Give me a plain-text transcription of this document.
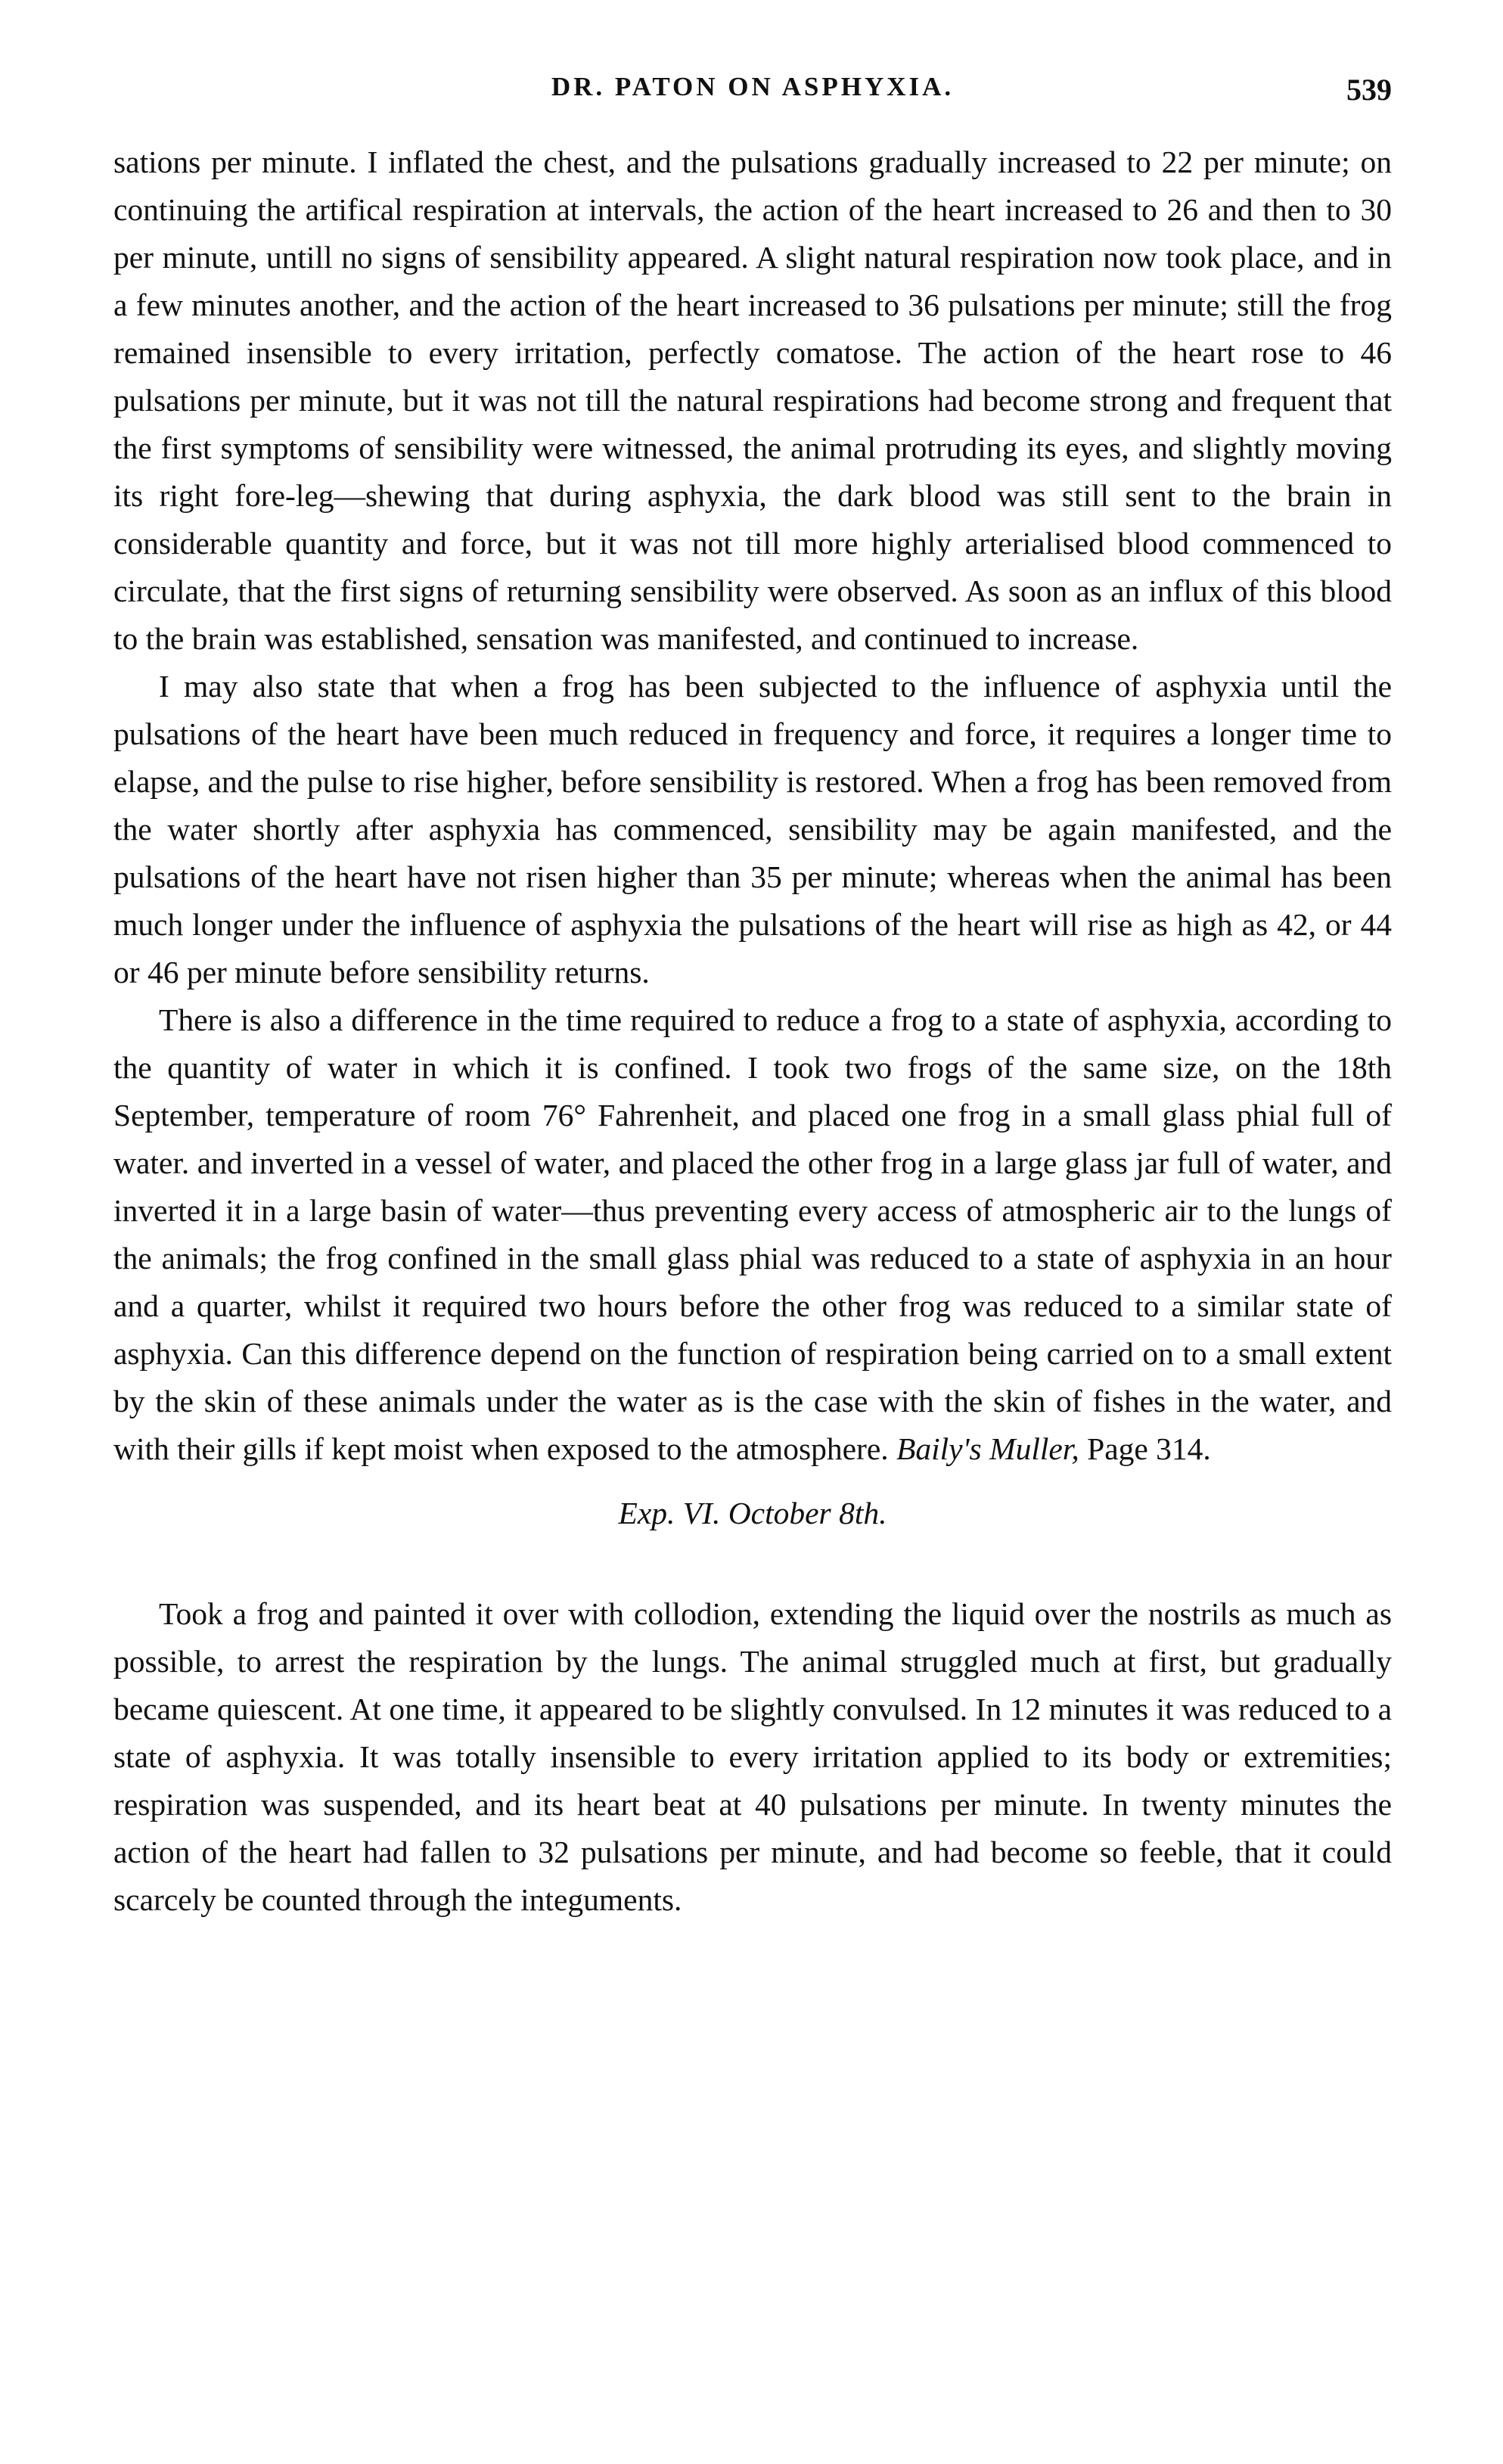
DR. PATON ON ASPHYXIA.	539

sations per minute. I inflated the chest, and the pulsations gradually increased to 22 per minute; on continuing the artifical respiration at intervals, the action of the heart increased to 26 and then to 30 per minute, untill no signs of sensibility appeared. A slight natural respiration now took place, and in a few minutes another, and the action of the heart increased to 36 pulsations per minute; still the frog remained insensible to every irritation, perfectly comatose. The action of the heart rose to 46 pulsations per minute, but it was not till the natural respirations had become strong and frequent that the first symptoms of sensibility were witnessed, the animal protruding its eyes, and slightly moving its right fore-leg—shewing that during asphyxia, the dark blood was still sent to the brain in considerable quantity and force, but it was not till more highly arterialised blood commenced to circulate, that the first signs of returning sensibility were observed. As soon as an influx of this blood to the brain was established, sensation was manifested, and continued to increase.

I may also state that when a frog has been subjected to the influence of asphyxia until the pulsations of the heart have been much reduced in frequency and force, it requires a longer time to elapse, and the pulse to rise higher, before sensibility is restored. When a frog has been removed from the water shortly after asphyxia has commenced, sensibility may be again manifested, and the pulsations of the heart have not risen higher than 35 per minute; whereas when the animal has been much longer under the influence of asphyxia the pulsations of the heart will rise as high as 42, or 44 or 46 per minute before sensibility returns.

There is also a difference in the time required to reduce a frog to a state of asphyxia, according to the quantity of water in which it is confined. I took two frogs of the same size, on the 18th September, temperature of room 76° Fahrenheit, and placed one frog in a small glass phial full of water. and inverted in a vessel of water, and placed the other frog in a large glass jar full of water, and inverted it in a large basin of water—thus preventing every access of atmospheric air to the lungs of the animals; the frog confined in the small glass phial was reduced to a state of asphyxia in an hour and a quarter, whilst it required two hours before the other frog was reduced to a similar state of asphyxia. Can this difference depend on the function of respiration being carried on to a small extent by the skin of these animals under the water as is the case with the skin of fishes in the water, and with their gills if kept moist when exposed to the atmosphere. Baily's Muller, Page 314.

Exp. VI. October 8th.

Took a frog and painted it over with collodion, extending the liquid over the nostrils as much as possible, to arrest the respiration by the lungs. The animal struggled much at first, but gradually became quiescent. At one time, it appeared to be slightly convulsed. In 12 minutes it was reduced to a state of asphyxia. It was totally insensible to every irritation applied to its body or extremities; respiration was suspended, and its heart beat at 40 pulsations per minute. In twenty minutes the action of the heart had fallen to 32 pulsations per minute, and had become so feeble, that it could scarcely be counted through the integuments.
